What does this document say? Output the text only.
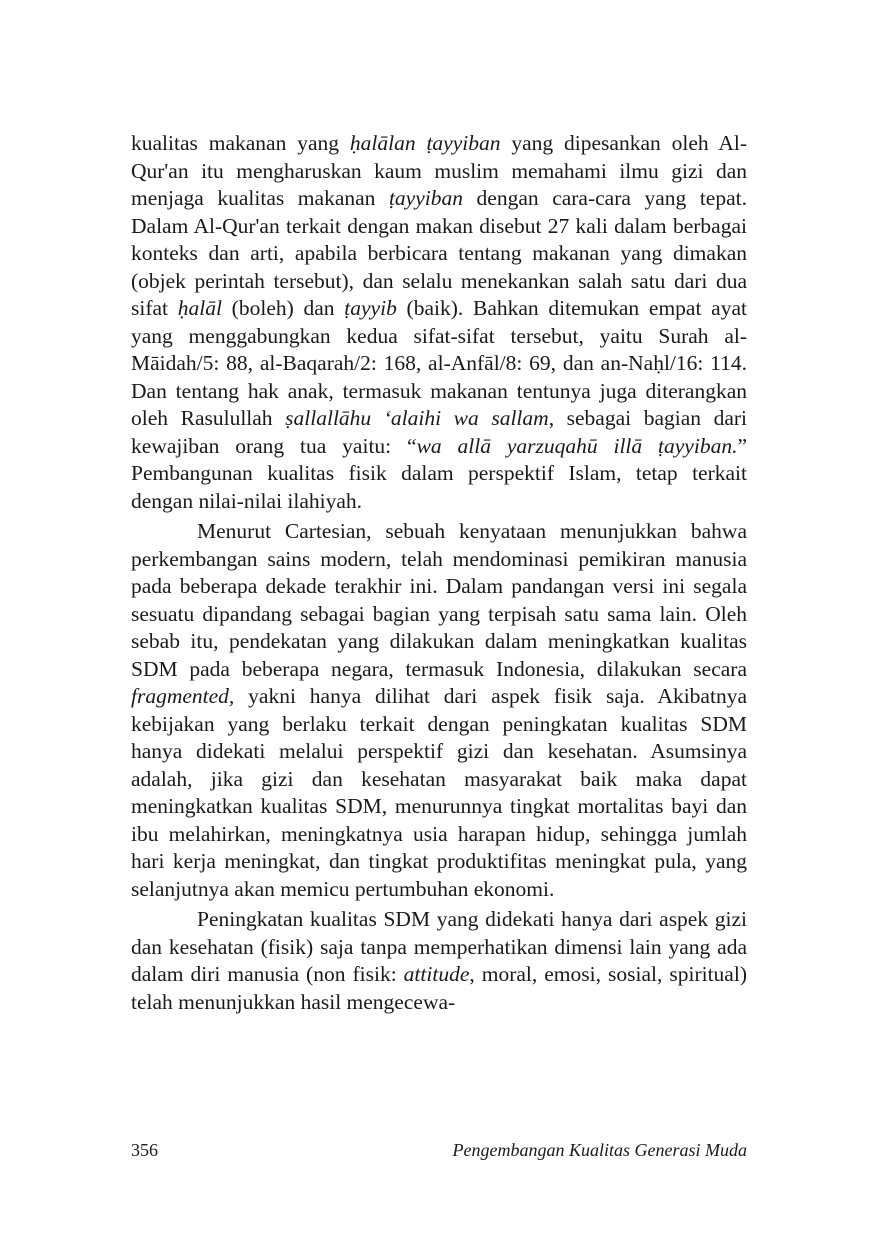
kualitas makanan yang ḥalālan ṭayyiban yang dipesankan oleh Al-Qur'an itu mengharuskan kaum muslim memahami ilmu gizi dan menjaga kualitas makanan ṭayyiban dengan cara-cara yang tepat. Dalam Al-Qur'an terkait dengan makan disebut 27 kali dalam berbagai konteks dan arti, apabila berbicara tentang makanan yang dimakan (objek perintah tersebut), dan selalu menekankan salah satu dari dua sifat ḥalāl (boleh) dan ṭayyib (baik). Bahkan ditemukan empat ayat yang menggabungkan kedua sifat-sifat tersebut, yaitu Surah al-Māidah/5: 88, al-Baqarah/2: 168, al-Anfāl/8: 69, dan an-Naḥl/16: 114. Dan tentang hak anak, termasuk makanan tentunya juga diterangkan oleh Rasulullah ṣallallāhu ‘alaihi wa sallam, sebagai bagian dari kewajiban orang tua yaitu: “wa allā yarzuqahū illā ṭayyiban.” Pembangunan kualitas fisik dalam perspektif Islam, tetap terkait dengan nilai-nilai ilahiyah.

Menurut Cartesian, sebuah kenyataan menunjukkan bahwa perkembangan sains modern, telah mendominasi pemikiran manusia pada beberapa dekade terakhir ini. Dalam pandangan versi ini segala sesuatu dipandang sebagai bagian yang terpisah satu sama lain. Oleh sebab itu, pendekatan yang dilakukan dalam meningkatkan kualitas SDM pada beberapa negara, termasuk Indonesia, dilakukan secara fragmented, yakni hanya dilihat dari aspek fisik saja. Akibatnya kebijakan yang berlaku terkait dengan peningkatan kualitas SDM hanya didekati melalui perspektif gizi dan kesehatan. Asumsinya adalah, jika gizi dan kesehatan masyarakat baik maka dapat meningkatkan kualitas SDM, menurunnya tingkat mortalitas bayi dan ibu melahirkan, meningkatnya usia harapan hidup, sehingga jumlah hari kerja meningkat, dan tingkat produktifitas meningkat pula, yang selanjutnya akan memicu pertumbuhan ekonomi.

Peningkatan kualitas SDM yang didekati hanya dari aspek gizi dan kesehatan (fisik) saja tanpa memperhatikan dimensi lain yang ada dalam diri manusia (non fisik: attitude, moral, emosi, sosial, spiritual) telah menunjukkan hasil mengecewa-

356	Pengembangan Kualitas Generasi Muda
